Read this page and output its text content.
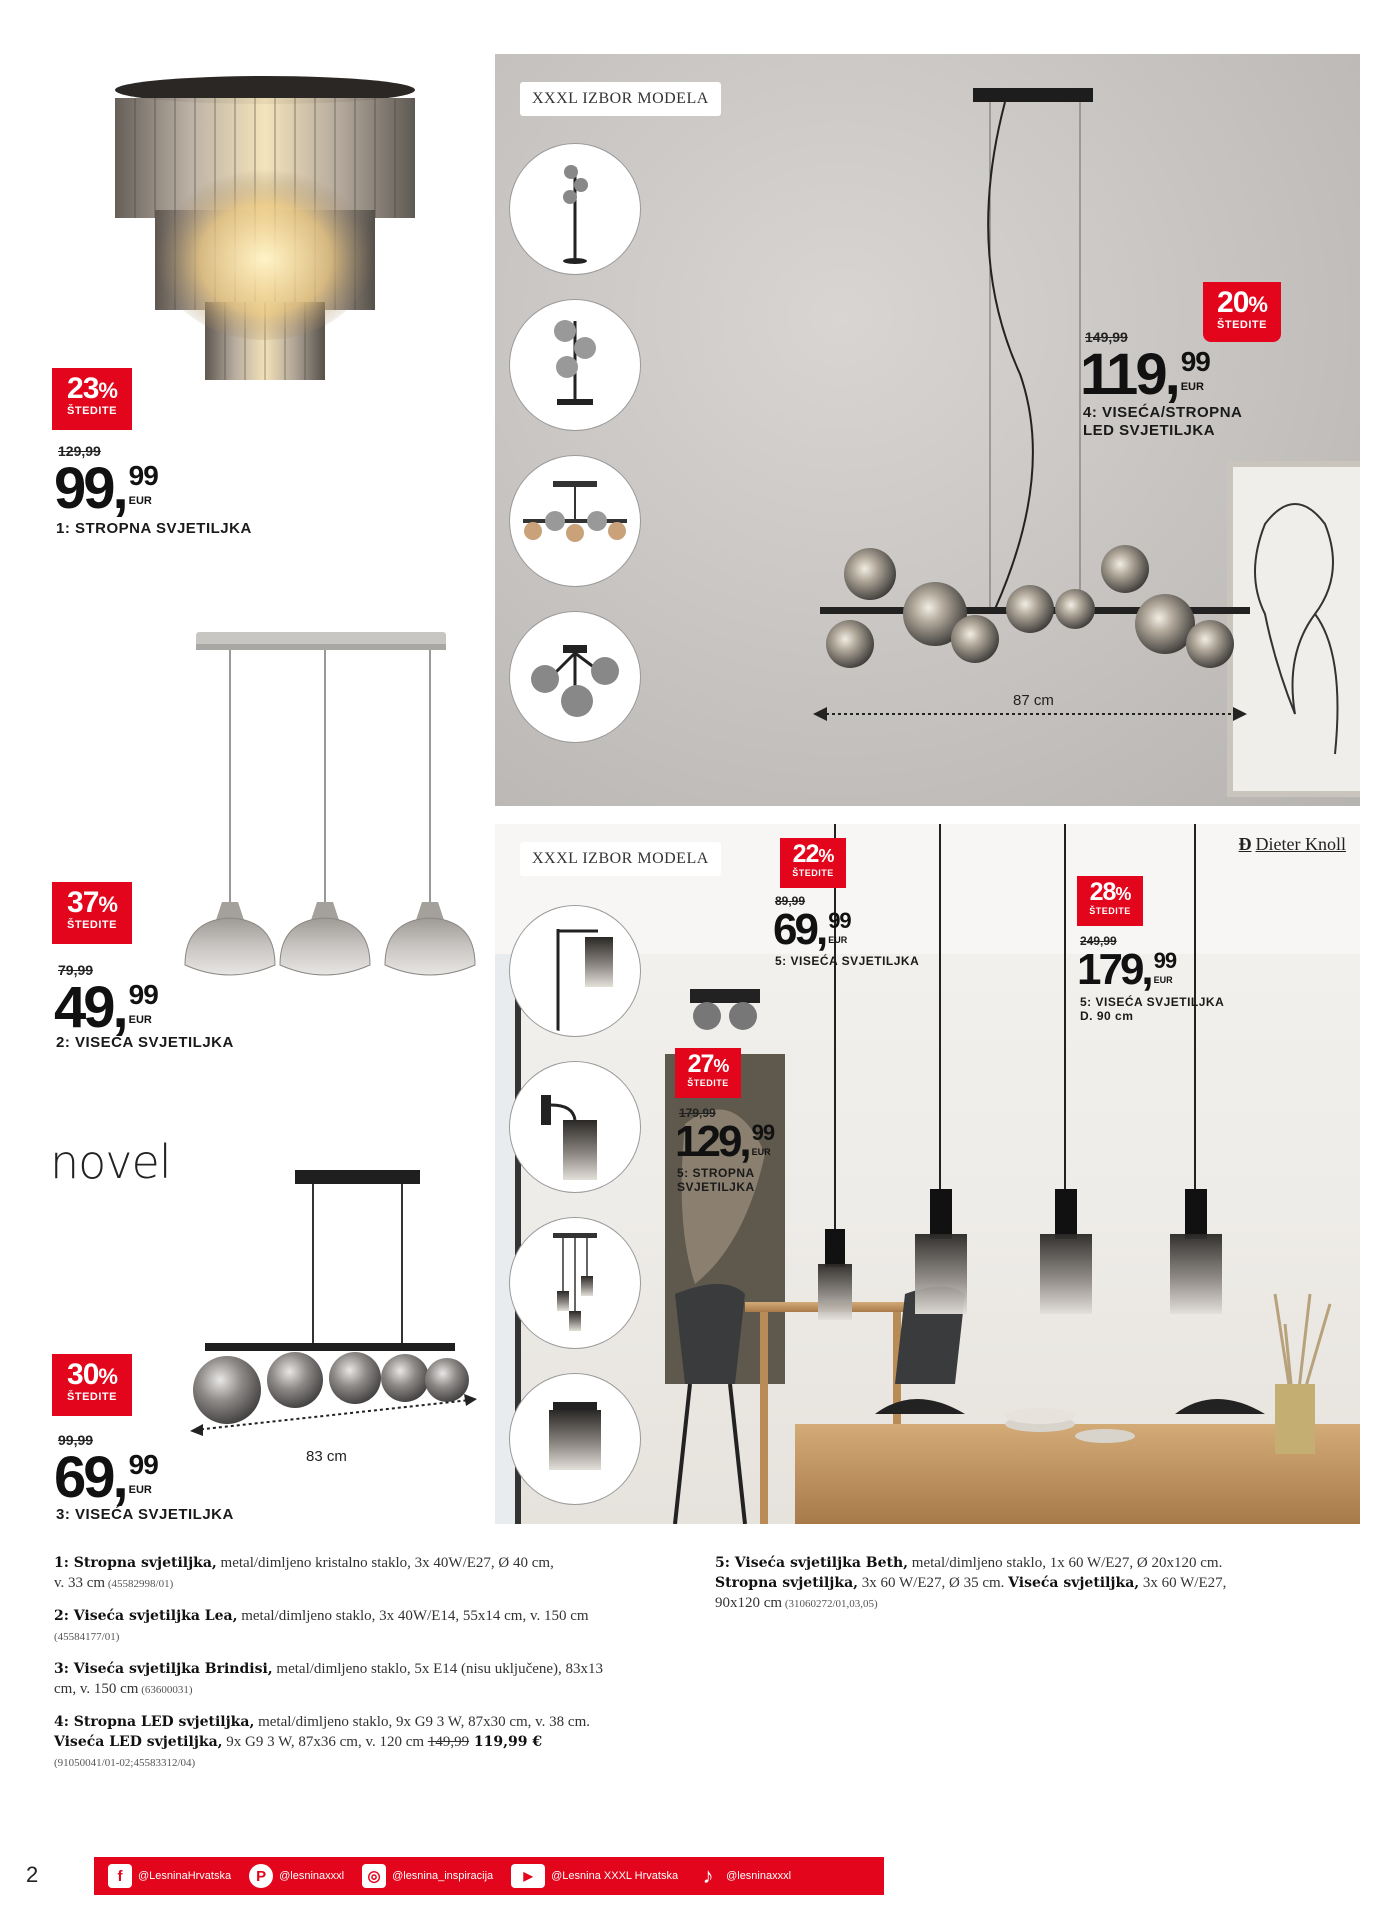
23%
ŠTEDITE
129,99
99,99
EUR
1: STROPNA SVJETILJKA
37%
ŠTEDITE
79,99
49,99
EUR
2: VISEĆA SVJETILJKA
novel
83 cm
30%
ŠTEDITE
99,99
69,99
EUR
3: VISEĆA SVJETILJKA
87 cm
XXXL IZBOR MODELA
20%
ŠTEDITE
149,99
119,99
EUR
4: VISEĆA/STROPNA
LED SVJETILJKA
XXXL IZBOR MODELA
Ð Dieter Knoll
22%
ŠTEDITE
89,99
69,99
EUR
5: VISEĆA SVJETILJKA
28%
ŠTEDITE
249,99
179,99
EUR
5: VISEĆA SVJETILJKA
D. 90 cm
27%
ŠTEDITE
179,99
129,99
EUR
5: STROPNA
SVJETILJKA
1: Stropna svjetiljka, metal/dimljeno kristalno staklo, 3x 40W/E27, Ø 40 cm,
v. 33 cm (45582998/01)
2: Viseća svjetiljka Lea, metal/dimljeno staklo, 3x 40W/E14, 55x14 cm, v. 150 cm
(45584177/01)
3: Viseća svjetiljka Brindisi, metal/dimljeno staklo, 5x E14 (nisu uključene), 83x13
cm, v. 150 cm (63600031)
4: Stropna LED svjetiljka, metal/dimljeno staklo, 9x G9 3 W, 87x30 cm, v. 38 cm.
Viseća LED svjetiljka, 9x G9 3 W, 87x36 cm, v. 120 cm 149,99 119,99 €
(91050041/01-02;45583312/04)
5: Viseća svjetiljka Beth, metal/dimljeno staklo, 1x 60 W/E27, Ø 20x120 cm.
Stropna svjetiljka, 3x 60 W/E27, Ø 35 cm. Viseća svjetiljka, 3x 60 W/E27,
90x120 cm (31060272/01,03,05)
2	f	@LesninaHrvatska	P	@lesninaxxxl	◎	@lesnina_inspiracija	▶	@Lesnina XXXL Hrvatska ♪	@lesninaxxxl
